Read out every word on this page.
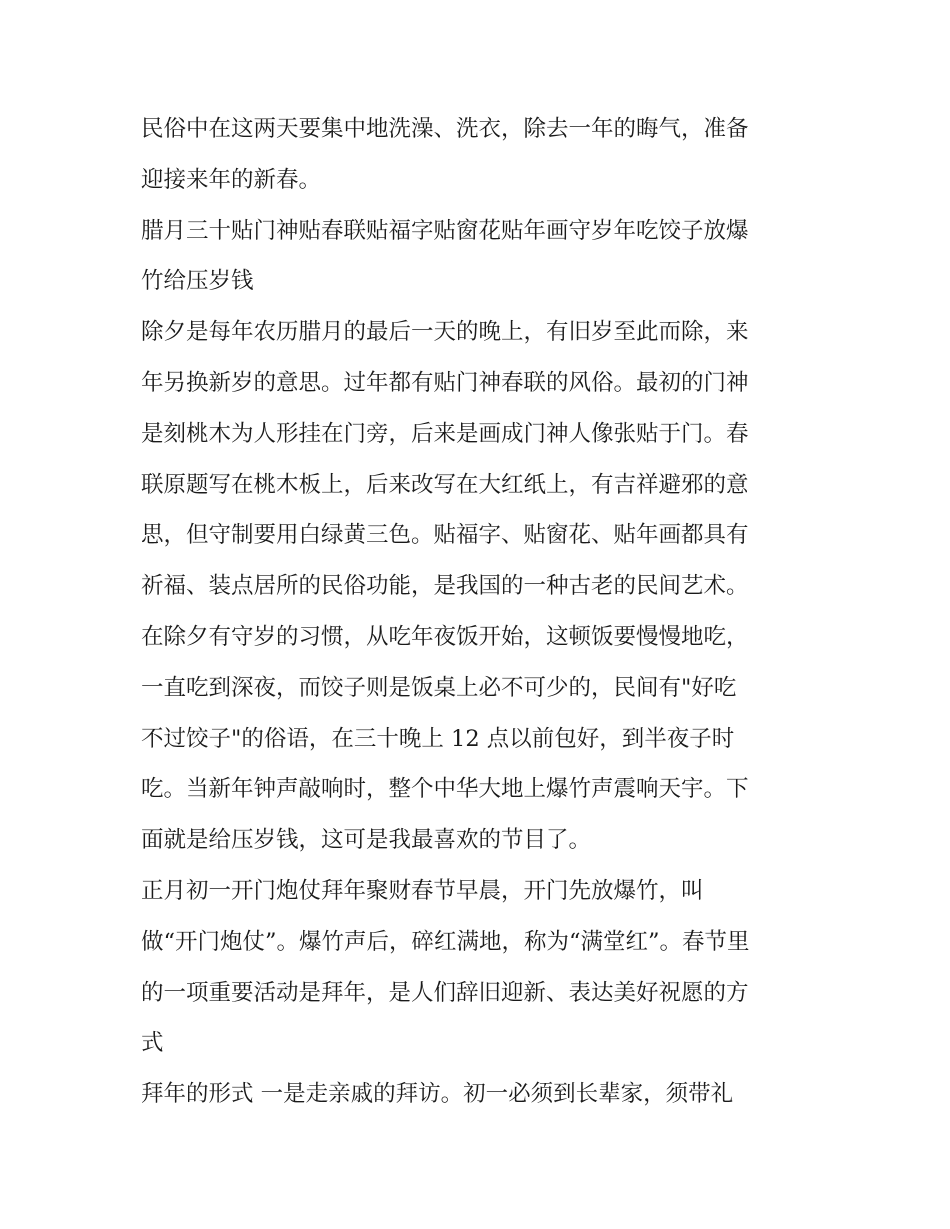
民俗中在这两天要集中地洗澡、洗衣，除去一年的晦气，准备
迎接来年的新春。
腊月三十贴门神贴春联贴福字贴窗花贴年画守岁年吃饺子放爆
竹给压岁钱
除夕是每年农历腊月的最后一天的晚上，有旧岁至此而除，来
年另换新岁的意思。过年都有贴门神春联的风俗。最初的门神
是刻桃木为人形挂在门旁，后来是画成门神人像张贴于门。春
联原题写在桃木板上，后来改写在大红纸上，有吉祥避邪的意
思，但守制要用白绿黄三色。贴福字、贴窗花、贴年画都具有
祈福、装点居所的民俗功能，是我国的一种古老的民间艺术。
在除夕有守岁的习惯，从吃年夜饭开始，这顿饭要慢慢地吃，
一直吃到深夜，而饺子则是饭桌上必不可少的，民间有"好吃
不过饺子"的俗语，在三十晚上 12 点以前包好，到半夜子时
吃。当新年钟声敲响时，整个中华大地上爆竹声震响天宇。下
面就是给压岁钱，这可是我最喜欢的节目了。
正月初一开门炮仗拜年聚财春节早晨，开门先放爆竹，叫
做“开门炮仗”。爆竹声后，碎红满地，称为“满堂红”。春节里
的一项重要活动是拜年，是人们辞旧迎新、表达美好祝愿的方
式
拜年的形式 一是走亲戚的拜访。初一必须到长辈家，须带礼
